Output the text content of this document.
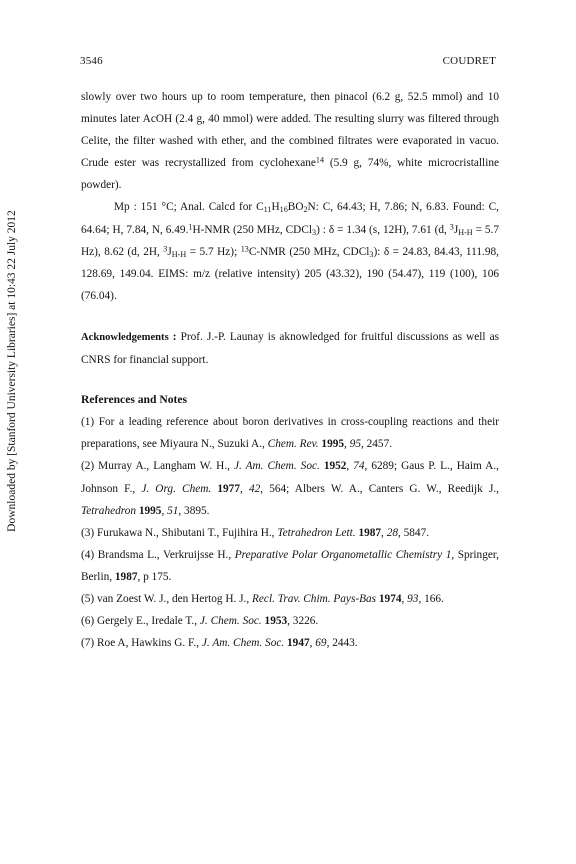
3546	COUDRET
Downloaded by [Stanford University Libraries] at 10:43 22 July 2012

slowly over two hours up to room temperature, then pinacol (6.2 g, 52.5 mmol) and 10 minutes later AcOH (2.4 g, 40 mmol) were added. The resulting slurry was filtered through Celite, the filter washed with ether, and the combined filtrates were evaporated in vacuo. Crude ester was recrystallized from cyclohexane$^{14}$ (5.9 g, 74%, white microcristalline powder).

Mp : 151 °C; Anal. Calcd for $C_{11}H_{16}BO_2N$: C, 64.43; H, 7.86; N, 6.83. Found: C, 64.64; H, 7.84, N, 6.49.$^1$H-NMR (250 MHz, CDCl$_3$) : δ = 1.34 (s, 12H), 7.61 (d, $^3J_{H-H} = 5.7$ Hz), 8.62 (d, 2H, $^3J_{H-H} = 5.7$ Hz); $^{13}$C-NMR (250 MHz, CDCl$_3$): δ = 24.83, 84.43, 111.98, 128.69, 149.04. EIMS: m/z (relative intensity) 205 (43.32), 190 (54.47), 119 (100), 106 (76.04).

Acknowledgements : Prof. J.-P. Launay is aknowledged for fruitful discussions as well as CNRS for financial support.

References and Notes

(1) For a leading reference about boron derivatives in cross-coupling reactions and their preparations, see Miyaura N., Suzuki A., Chem. Rev. 1995, 95, 2457.

(2) Murray A., Langham W. H., J. Am. Chem. Soc. 1952, 74, 6289; Gaus P. L., Haim A., Johnson F., J. Org. Chem. 1977, 42, 564; Albers W. A., Canters G. W., Reedijk J., Tetrahedron 1995, 51, 3895.

(3) Furukawa N., Shibutani T., Fujihira H., Tetrahedron Lett. 1987, 28, 5847.

(4) Brandsma L., Verkruijsse H., Preparative Polar Organometallic Chemistry 1, Springer, Berlin, 1987, p 175.

(5) van Zoest W. J., den Hertog H. J., Recl. Trav. Chim. Pays-Bas 1974, 93, 166.

(6) Gergely E., Iredale T., J. Chem. Soc. 1953, 3226.

(7) Roe A, Hawkins G. F., J. Am. Chem. Soc. 1947, 69, 2443.
